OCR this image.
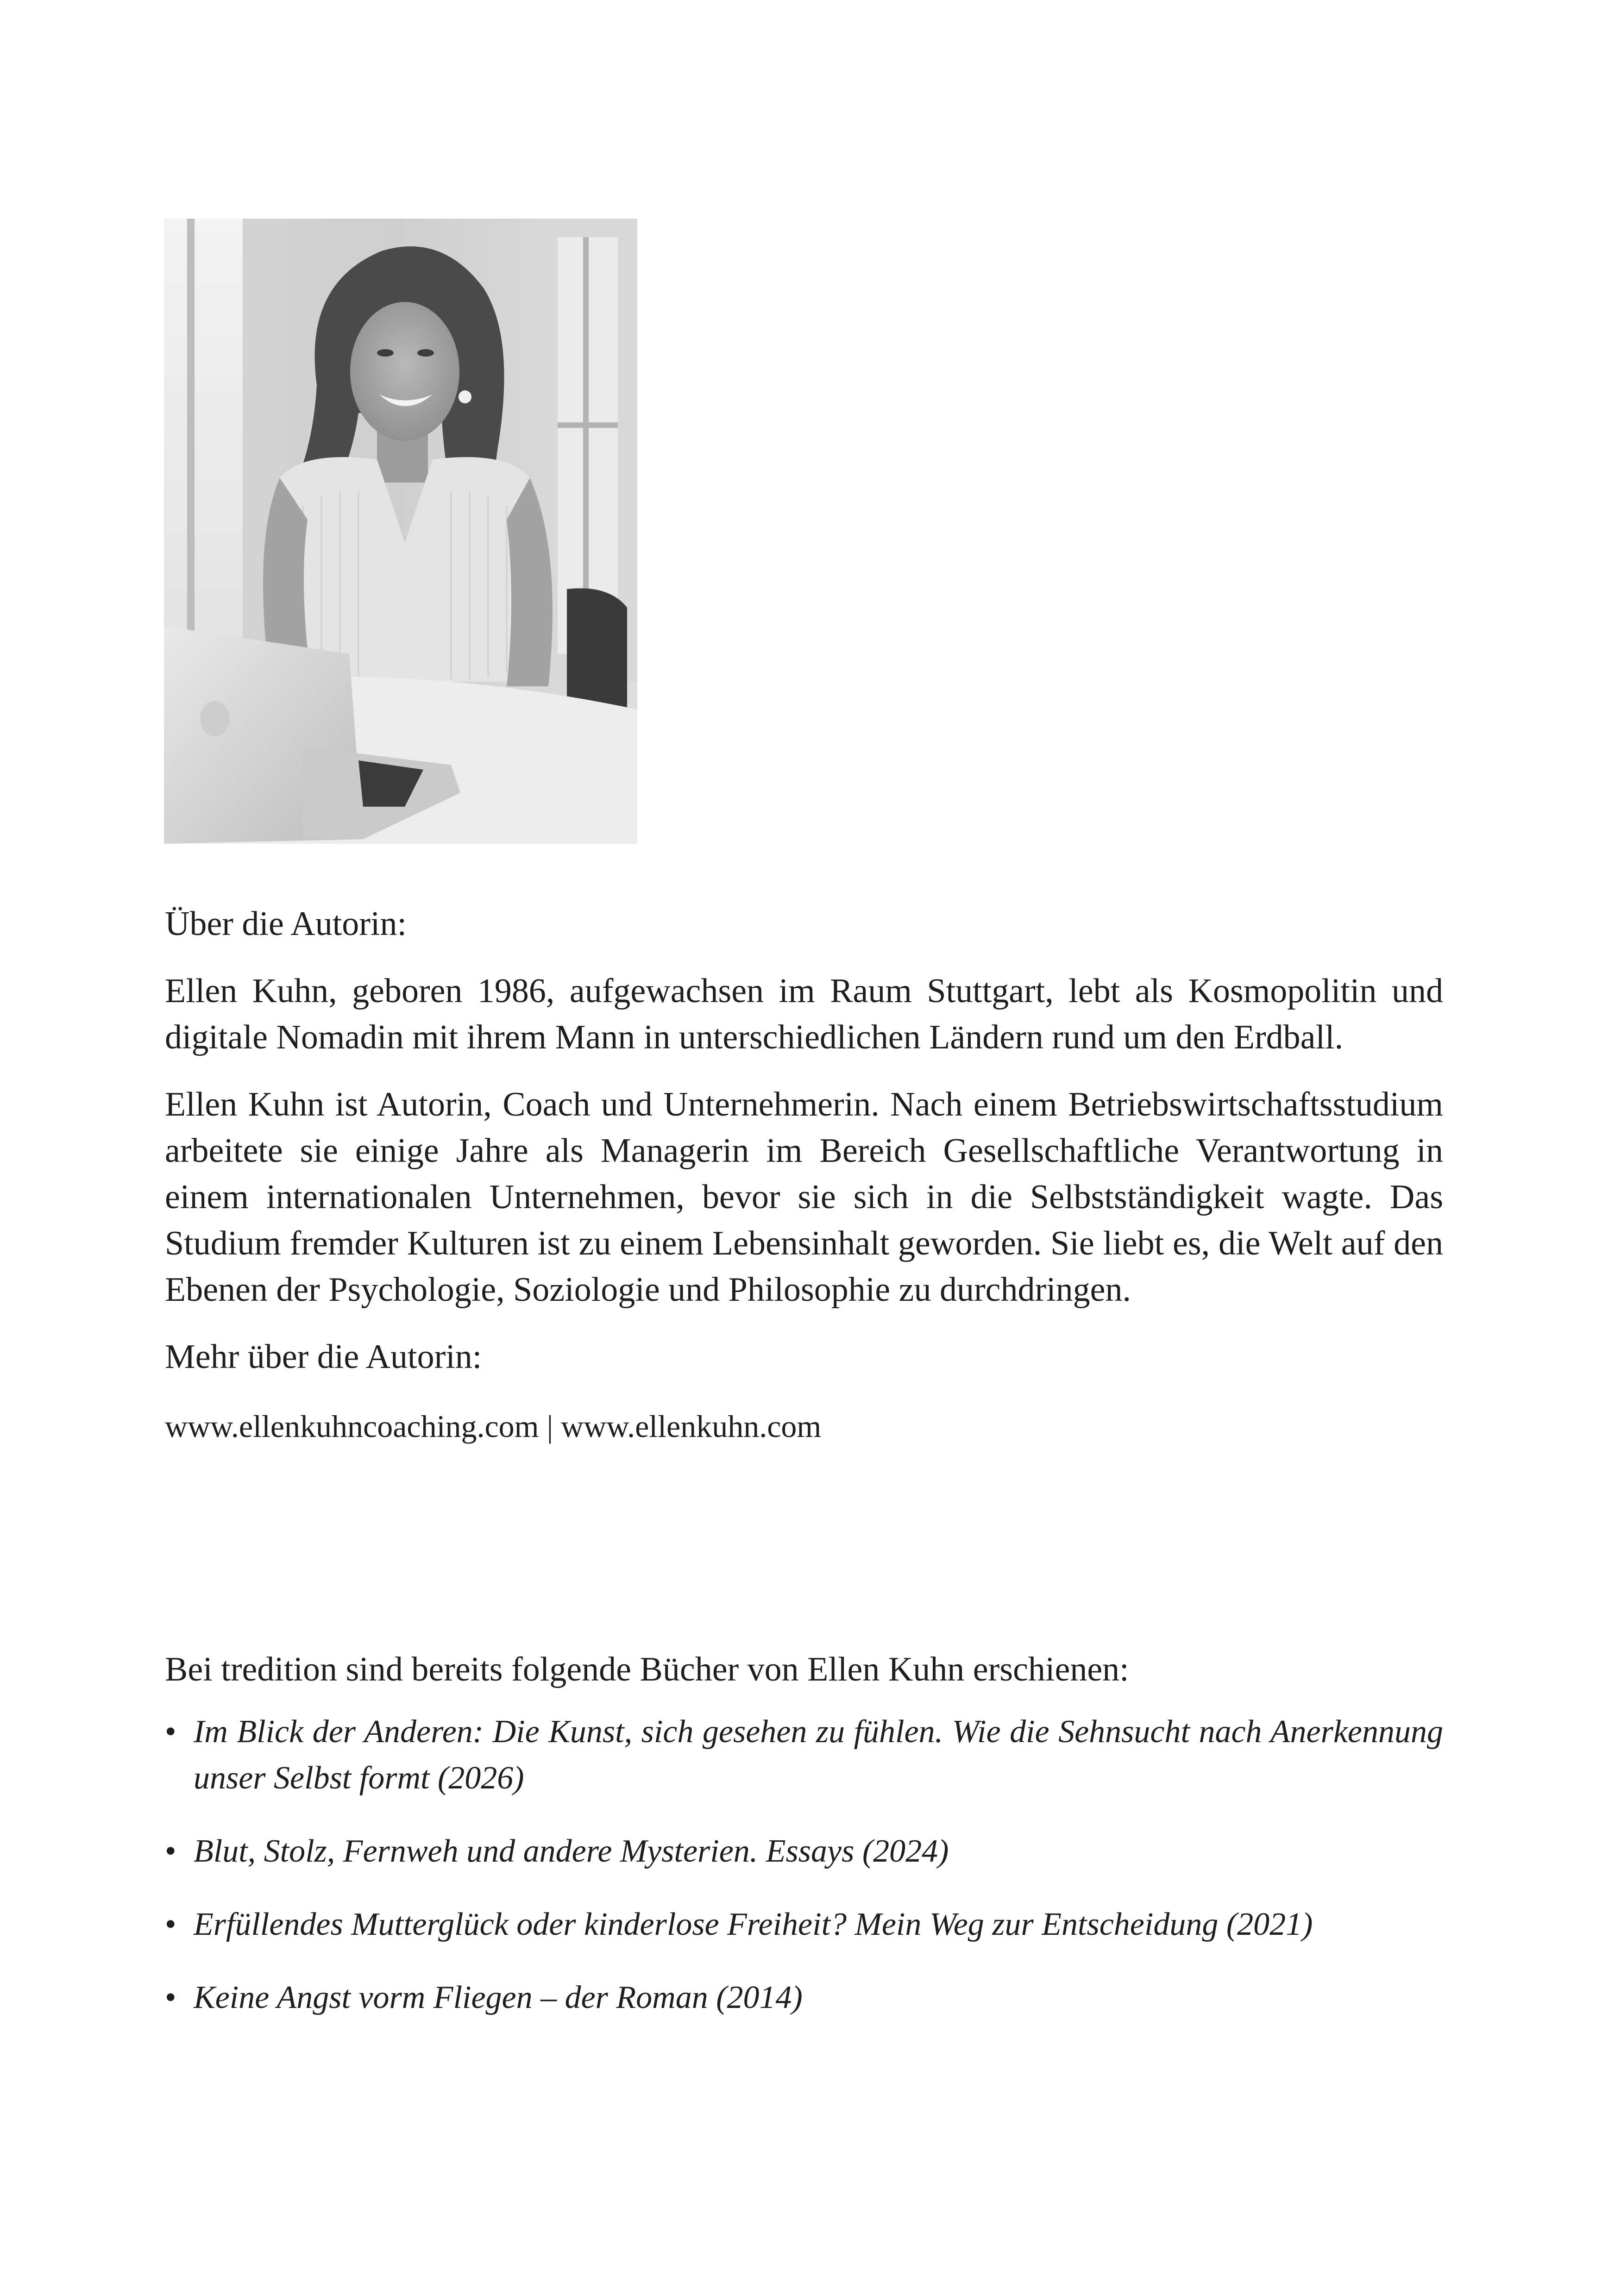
Über die Autorin:

Ellen Kuhn, geboren 1986, aufgewachsen im Raum Stuttgart, lebt als Kosmopolitin und digitale Nomadin mit ihrem Mann in unterschiedlichen Ländern rund um den Erdball.

Ellen Kuhn ist Autorin, Coach und Unternehmerin. Nach einem Betriebswirtschaftsstudium arbeitete sie einige Jahre als Managerin im Bereich Gesellschaftliche Verantwortung in einem internationalen Unternehmen, bevor sie sich in die Selbstständigkeit wagte. Das Studium fremder Kulturen ist zu einem Lebensinhalt geworden. Sie liebt es, die Welt auf den Ebenen der Psychologie, Soziologie und Philosophie zu durchdringen.

Mehr über die Autorin:

www.ellenkuhncoaching.com | www.ellenkuhn.com

Bei tredition sind bereits folgende Bücher von Ellen Kuhn erschienen:

• Im Blick der Anderen: Die Kunst, sich gesehen zu fühlen. Wie die Sehnsucht nach Anerkennung unser Selbst formt (2026)
• Blut, Stolz, Fernweh und andere Mysterien. Essays (2024)
• Erfüllendes Mutterglück oder kinderlose Freiheit? Mein Weg zur Entscheidung (2021)
• Keine Angst vorm Fliegen – der Roman (2014)
